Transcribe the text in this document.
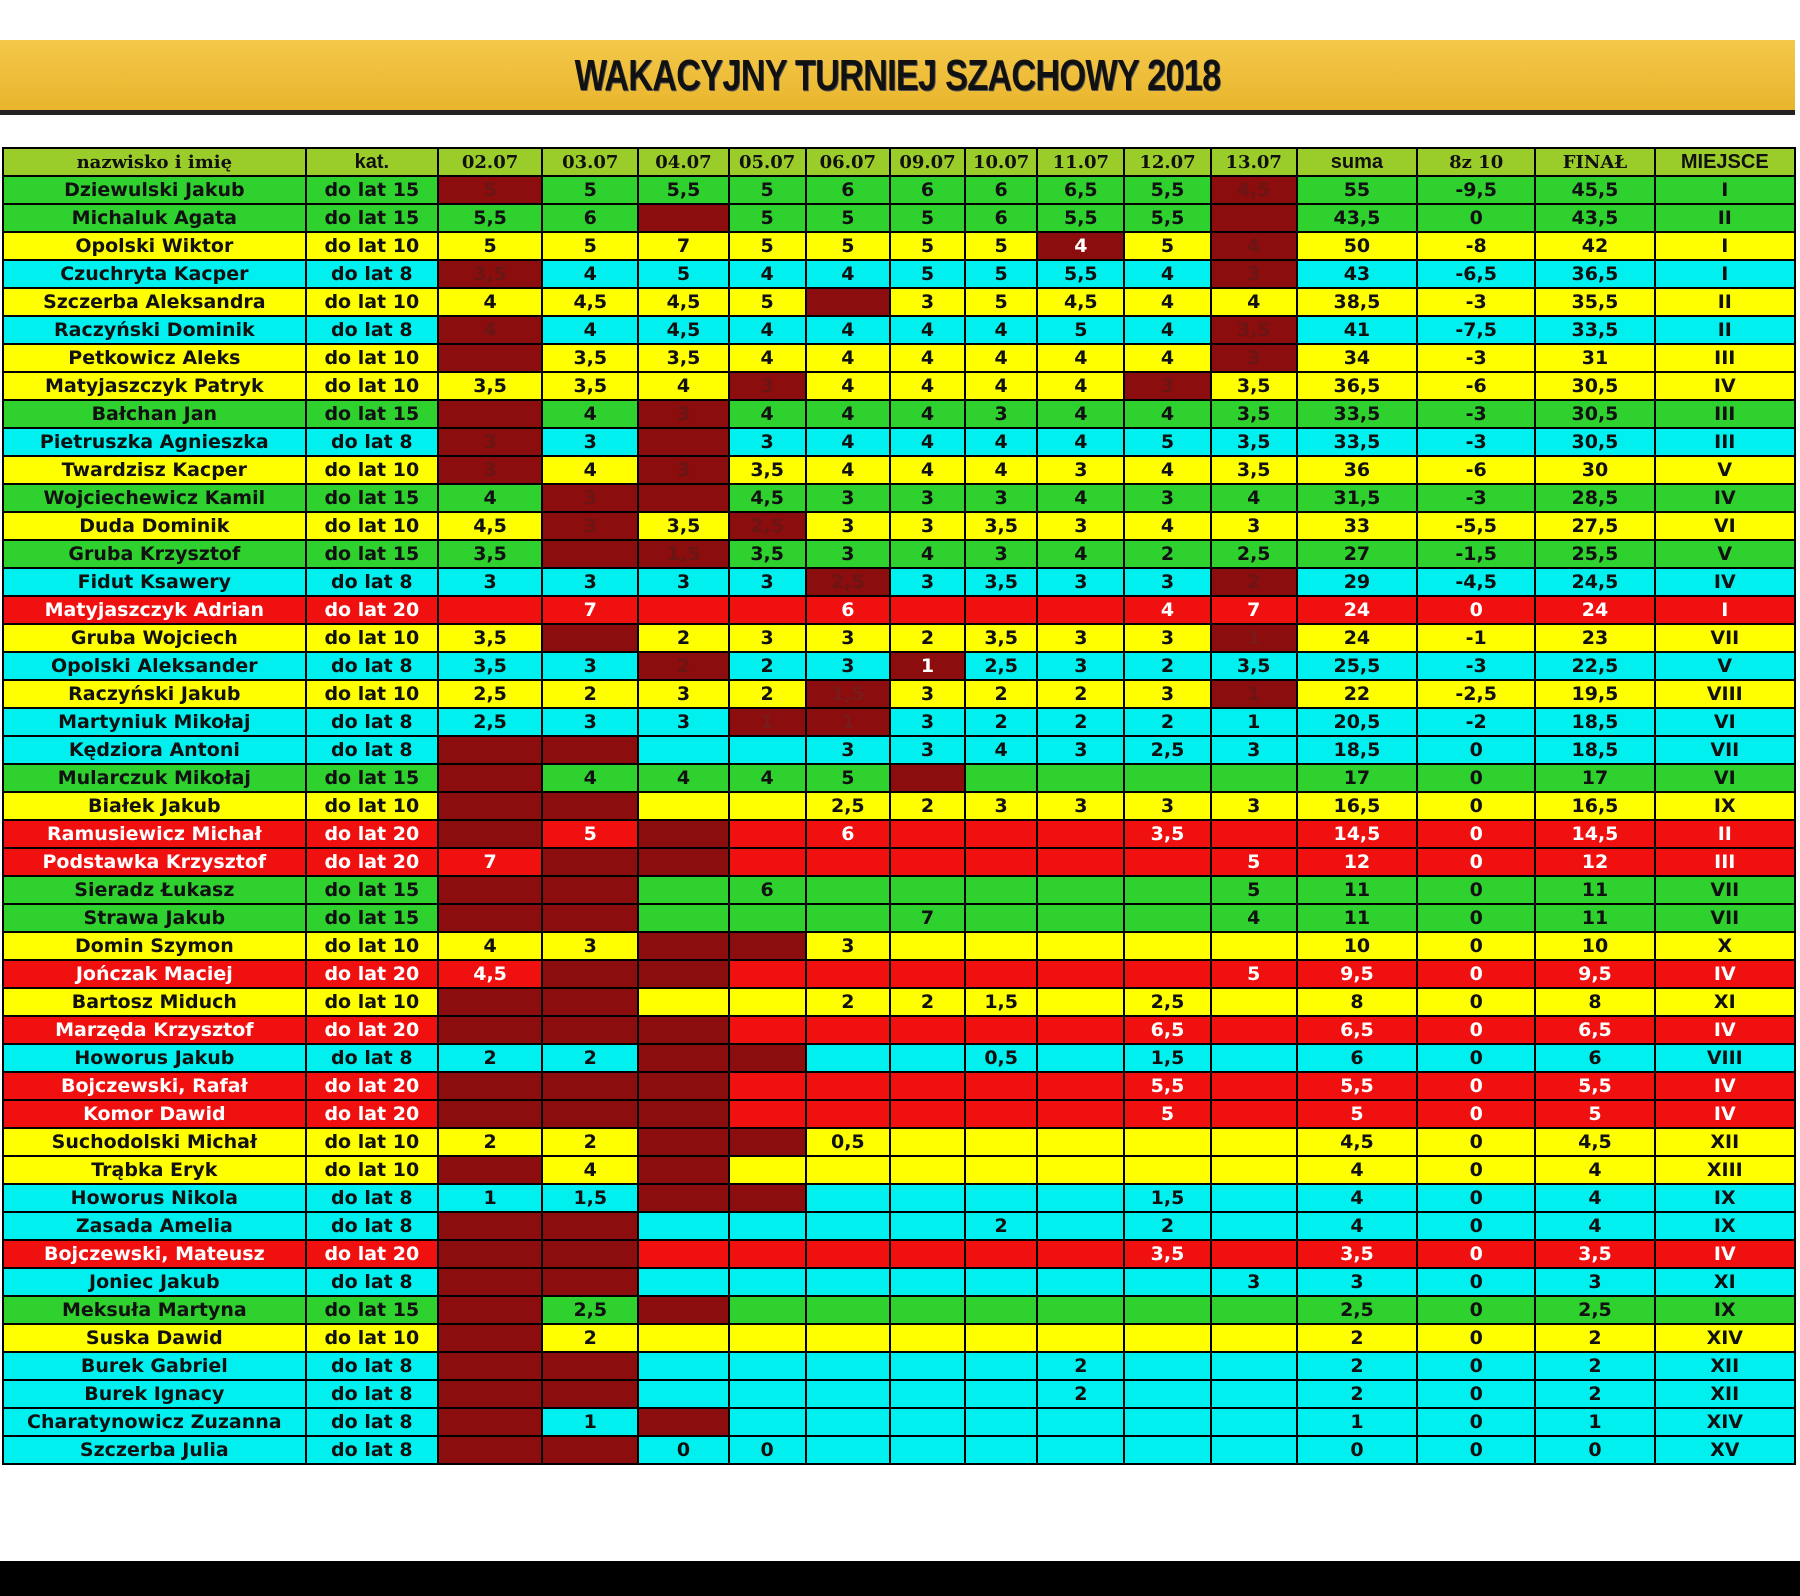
WAKACYJNY TURNIEJ SZACHOWY 2018
nazwisko i imię	kat.	02.07	03.07	04.07	05.07	06.07	09.07	10.07	11.07	12.07	13.07	suma	8z 10	FINAŁ	MIEJSCE
Dziewulski Jakub	do lat 15	5	5	5,5	5	6	6	6	6,5	5,5	4,5	55	-9,5	45,5	I
Michaluk Agata	do lat 15	5,5	6		5	5	5	6	5,5	5,5		43,5	0	43,5	II
Opolski Wiktor	do lat 10	5	5	7	5	5	5	5	4	5	4	50	-8	42	I
Czuchryta Kacper	do lat 8	3,5	4	5	4	4	5	5	5,5	4	3	43	-6,5	36,5	I
Szczerba Aleksandra	do lat 10	4	4,5	4,5	5		3	5	4,5	4	4	38,5	-3	35,5	II
Raczyński Dominik	do lat 8	4	4	4,5	4	4	4	4	5	4	3,5	41	-7,5	33,5	II
Petkowicz Aleks	do lat 10		3,5	3,5	4	4	4	4	4	4	3	34	-3	31	III
Matyjaszczyk Patryk	do lat 10	3,5	3,5	4	3	4	4	4	4	3	3,5	36,5	-6	30,5	IV
Bałchan Jan	do lat 15		4	3	4	4	4	3	4	4	3,5	33,5	-3	30,5	III
Pietruszka Agnieszka	do lat 8	3	3		3	4	4	4	4	5	3,5	33,5	-3	30,5	III
Twardzisz Kacper	do lat 10	3	4	3	3,5	4	4	4	3	4	3,5	36	-6	30	V
Wojciechewicz Kamil	do lat 15	4	3		4,5	3	3	3	4	3	4	31,5	-3	28,5	IV
Duda Dominik	do lat 10	4,5	3	3,5	2,5	3	3	3,5	3	4	3	33	-5,5	27,5	VI
Gruba Krzysztof	do lat 15	3,5		1,5	3,5	3	4	3	4	2	2,5	27	-1,5	25,5	V
Fidut Ksawery	do lat 8	3	3	3	3	2,5	3	3,5	3	3	2	29	-4,5	24,5	IV
Matyjaszczyk Adrian	do lat 20		7			6				4	7	24	0	24	I
Gruba Wojciech	do lat 10	3,5		2	3	3	2	3,5	3	3	1	24	-1	23	VII
Opolski Aleksander	do lat 8	3,5	3	2	2	3	1	2,5	3	2	3,5	25,5	-3	22,5	V
Raczyński Jakub	do lat 10	2,5	2	3	2	1,5	3	2	2	3	1	22	-2,5	19,5	VIII
Martyniuk Mikołaj	do lat 8	2,5	3	3	1	1	3	2	2	2	1	20,5	-2	18,5	VI
Kędziora Antoni	do lat 8					3	3	4	3	2,5	3	18,5	0	18,5	VII
Mularczuk Mikołaj	do lat 15		4	4	4	5						17	0	17	VI
Białek Jakub	do lat 10					2,5	2	3	3	3	3	16,5	0	16,5	IX
Ramusiewicz Michał	do lat 20		5			6				3,5		14,5	0	14,5	II
Podstawka Krzysztof	do lat 20	7									5	12	0	12	III
Sieradz Łukasz	do lat 15				6						5	11	0	11	VII
Strawa Jakub	do lat 15						7				4	11	0	11	VII
Domin Szymon	do lat 10	4	3			3						10	0	10	X
Jończak Maciej	do lat 20	4,5									5	9,5	0	9,5	IV
Bartosz Miduch	do lat 10					2	2	1,5		2,5		8	0	8	XI
Marzęda Krzysztof	do lat 20									6,5		6,5	0	6,5	IV
Howorus Jakub	do lat 8	2	2					0,5		1,5		6	0	6	VIII
Bojczewski, Rafał	do lat 20									5,5		5,5	0	5,5	IV
Komor Dawid	do lat 20									5		5	0	5	IV
Suchodolski Michał	do lat 10	2	2			0,5						4,5	0	4,5	XII
Trąbka Eryk	do lat 10		4									4	0	4	XIII
Howorus Nikola	do lat 8	1	1,5							1,5		4	0	4	IX
Zasada Amelia	do lat 8							2		2		4	0	4	IX
Bojczewski, Mateusz	do lat 20									3,5		3,5	0	3,5	IV
Joniec Jakub	do lat 8										3	3	0	3	XI
Meksuła Martyna	do lat 15		2,5									2,5	0	2,5	IX
Suska Dawid	do lat 10		2									2	0	2	XIV
Burek Gabriel	do lat 8								2			2	0	2	XII
Burek Ignacy	do lat 8								2			2	0	2	XII
Charatynowicz Zuzanna	do lat 8		1									1	0	1	XIV
Szczerba Julia	do lat 8			0	0							0	0	0	XV
